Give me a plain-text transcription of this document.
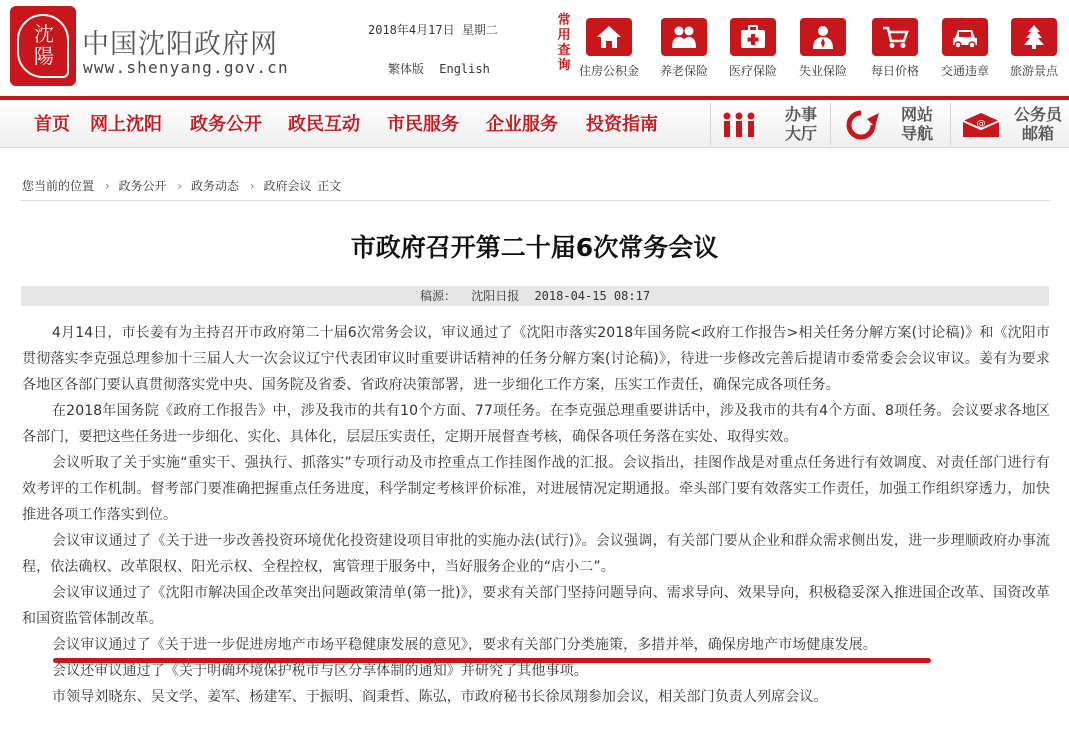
沈
陽	中国沈阳政府网
www.shenyang.gov.cn
2018年4月17日 星期二
繁体版 English
常用查询 住房公积金	养老保险	医疗保险	失业保险	每日价格	交通违章	旅游景点
首页 网上沈阳 政务公开 政民互动 市民服务 企业服务 投资指南	办事
大厅
网站
导航	@	公务员
邮箱
您当前的位置 › 政务公开 › 政务动态 › 政府会议 正文
市政府召开第二十届6次常务会议
稿源： 沈阳日报 2018-04-15 08:17

4月14日，市长姜有为主持召开市政府第二十届6次常务会议，审议通过了《沈阳市落实2018年国务院<政府工作报告>相关任务分解方案(讨论稿)》和《沈阳市贯彻落实李克强总理参加十三届人大一次会议辽宁代表团审议时重要讲话精神的任务分解方案(讨论稿)》，待进一步修改完善后提请市委常委会会议审议。姜有为要求各地区各部门要认真贯彻落实党中央、国务院及省委、省政府决策部署，进一步细化工作方案，压实工作责任，确保完成各项任务。

在2018年国务院《政府工作报告》中，涉及我市的共有10个方面、77项任务。在李克强总理重要讲话中，涉及我市的共有4个方面、8项任务。会议要求各地区各部门，要把这些任务进一步细化、实化、具体化，层层压实责任，定期开展督查考核，确保各项任务落在实处、取得实效。

会议听取了关于实施“重实干、强执行、抓落实”专项行动及市控重点工作挂图作战的汇报。会议指出，挂图作战是对重点任务进行有效调度、对责任部门进行有效考评的工作机制。督考部门要准确把握重点任务进度，科学制定考核评价标准，对进展情况定期通报。牵头部门要有效落实工作责任，加强工作组织穿透力，加快推进各项工作落实到位。

会议审议通过了《关于进一步改善投资环境优化投资建设项目审批的实施办法(试行)》。会议强调，有关部门要从企业和群众需求侧出发，进一步理顺政府办事流程，依法确权、改革限权、阳光示权、全程控权，寓管理于服务中，当好服务企业的“店小二”。

会议审议通过了《沈阳市解决国企改革突出问题政策清单(第一批)》，要求有关部门坚持问题导向、需求导向、效果导向，积极稳妥深入推进国企改革、国资改革和国资监管体制改革。

会议审议通过了《关于进一步促进房地产市场平稳健康发展的意见》，要求有关部门分类施策，多措并举，确保房地产市场健康发展。

会议还审议通过了《关于明确环境保护税市与区分享体制的通知》并研究了其他事项。

市领导刘晓东、吴文学、姜军、杨建军、于振明、阎秉哲、陈弘，市政府秘书长徐凤翔参加会议，相关部门负责人列席会议。
